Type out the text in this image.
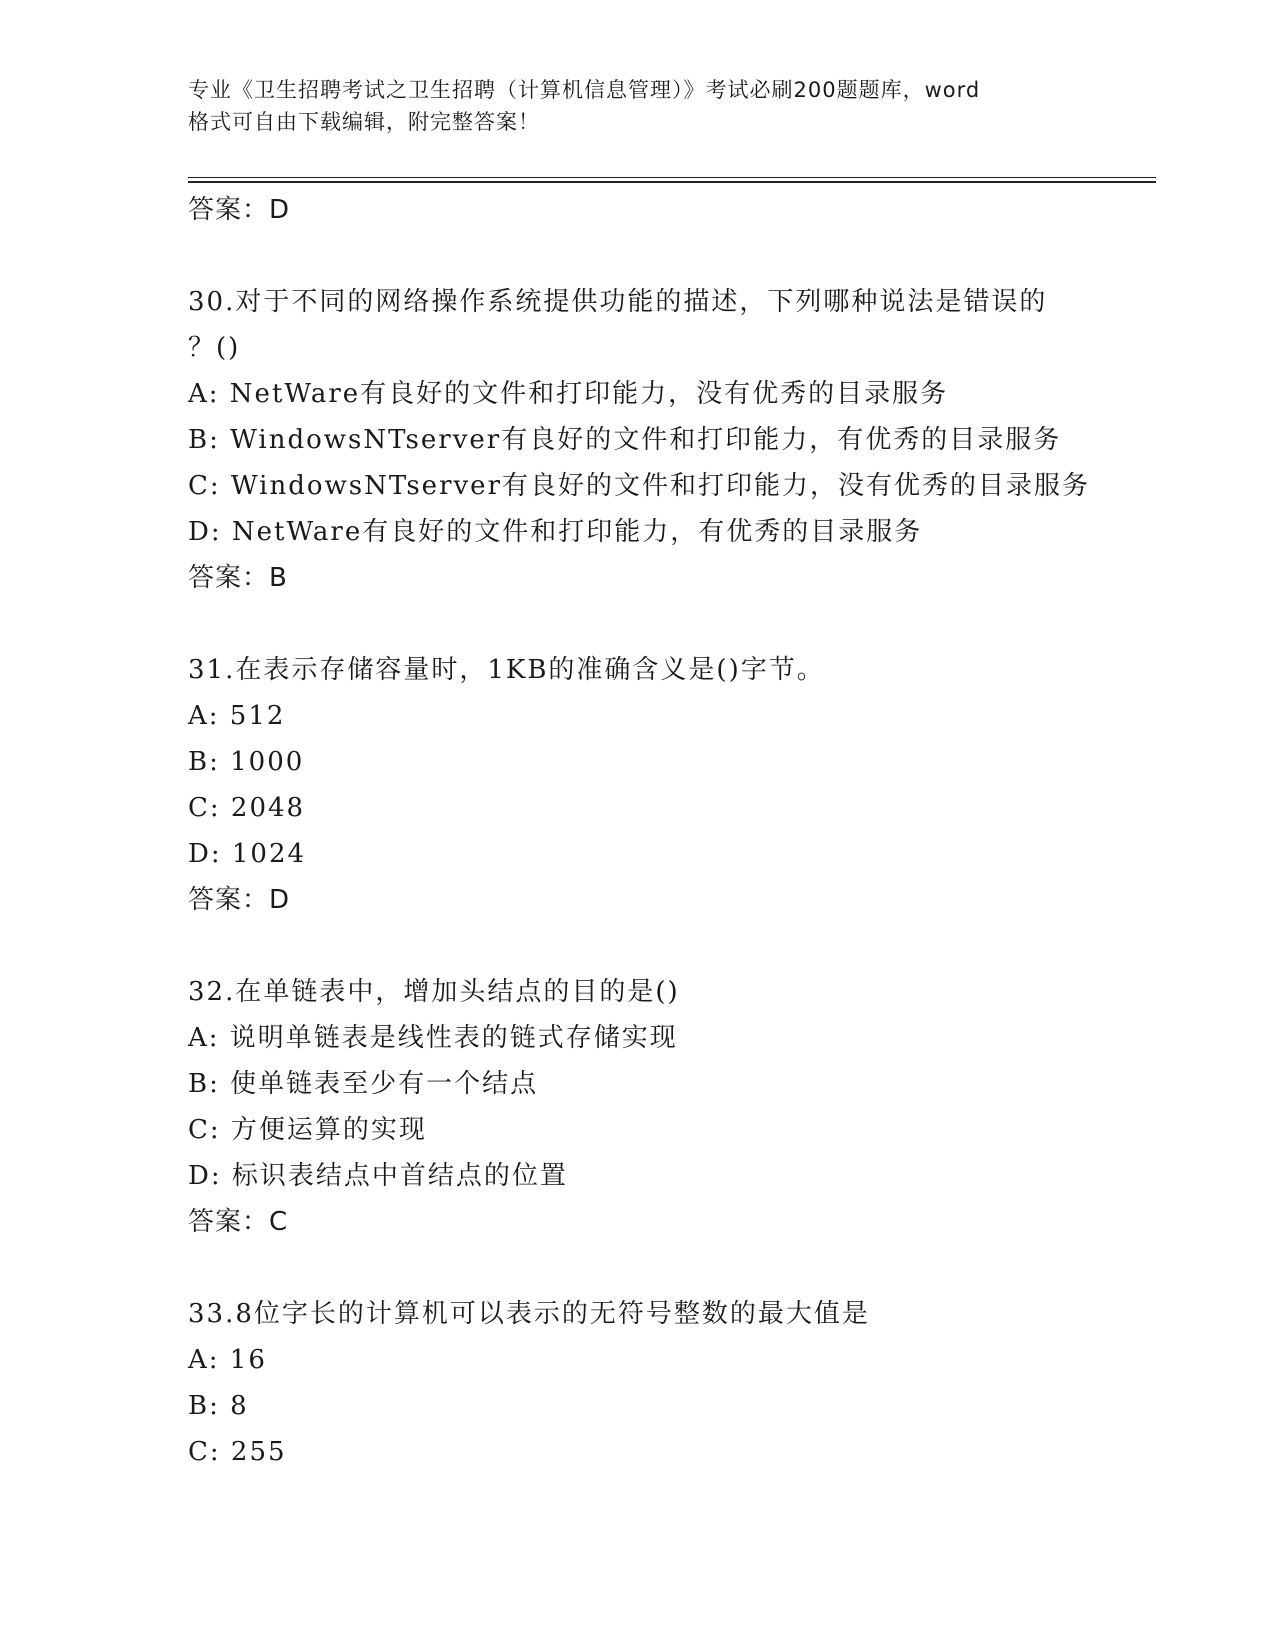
专业《卫生招聘考试之卫生招聘（计算机信息管理）》考试必刷200题题库，word
格式可自由下载编辑，附完整答案！
答案：D
30.对于不同的网络操作系统提供功能的描述，下列哪种说法是错误的
？()
A: NetWare有良好的文件和打印能力，没有优秀的目录服务
B: WindowsNTserver有良好的文件和打印能力，有优秀的目录服务
C: WindowsNTserver有良好的文件和打印能力，没有优秀的目录服务
D: NetWare有良好的文件和打印能力，有优秀的目录服务
答案：B
31.在表示存储容量时，1KB的准确含义是()字节。
A: 512
B: 1000
C: 2048
D: 1024
答案：D
32.在单链表中，增加头结点的目的是()
A: 说明单链表是线性表的链式存储实现
B: 使单链表至少有一个结点
C: 方便运算的实现
D: 标识表结点中首结点的位置
答案：C
33.8位字长的计算机可以表示的无符号整数的最大值是
A: 16
B: 8
C: 255
